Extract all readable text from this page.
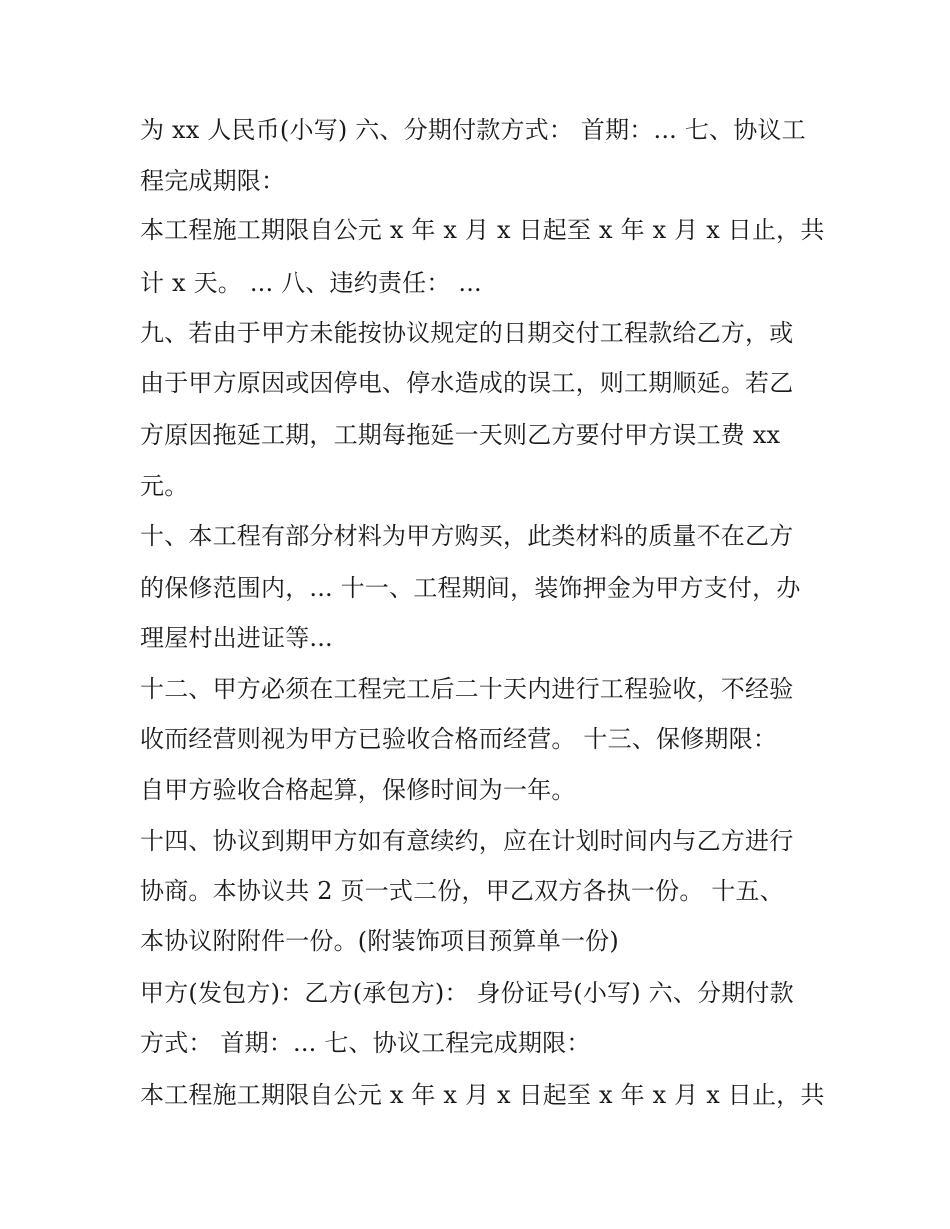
为 xx 人民币(小写) 六、分期付款方式： 首期：... 七、协议工
程完成期限：
本工程施工期限自公元 x 年 x 月 x 日起至 x 年 x 月 x 日止，共
计 x 天。 ... 八、违约责任： ...
九、若由于甲方未能按协议规定的日期交付工程款给乙方，或
由于甲方原因或因停电、停水造成的误工，则工期顺延。若乙
方原因拖延工期，工期每拖延一天则乙方要付甲方误工费 xx
元。
十、本工程有部分材料为甲方购买，此类材料的质量不在乙方
的保修范围内，... 十一、工程期间，装饰押金为甲方支付，办
理屋村出进证等...
十二、甲方必须在工程完工后二十天内进行工程验收，不经验
收而经营则视为甲方已验收合格而经营。 十三、保修期限：
自甲方验收合格起算，保修时间为一年。
十四、协议到期甲方如有意续约，应在计划时间内与乙方进行
协商。本协议共 2 页一式二份，甲乙双方各执一份。 十五、
本协议附附件一份。(附装饰项目预算单一份)
甲方(发包方)：乙方(承包方)： 身份证号(小写) 六、分期付款
方式： 首期：... 七、协议工程完成期限：
本工程施工期限自公元 x 年 x 月 x 日起至 x 年 x 月 x 日止，共
